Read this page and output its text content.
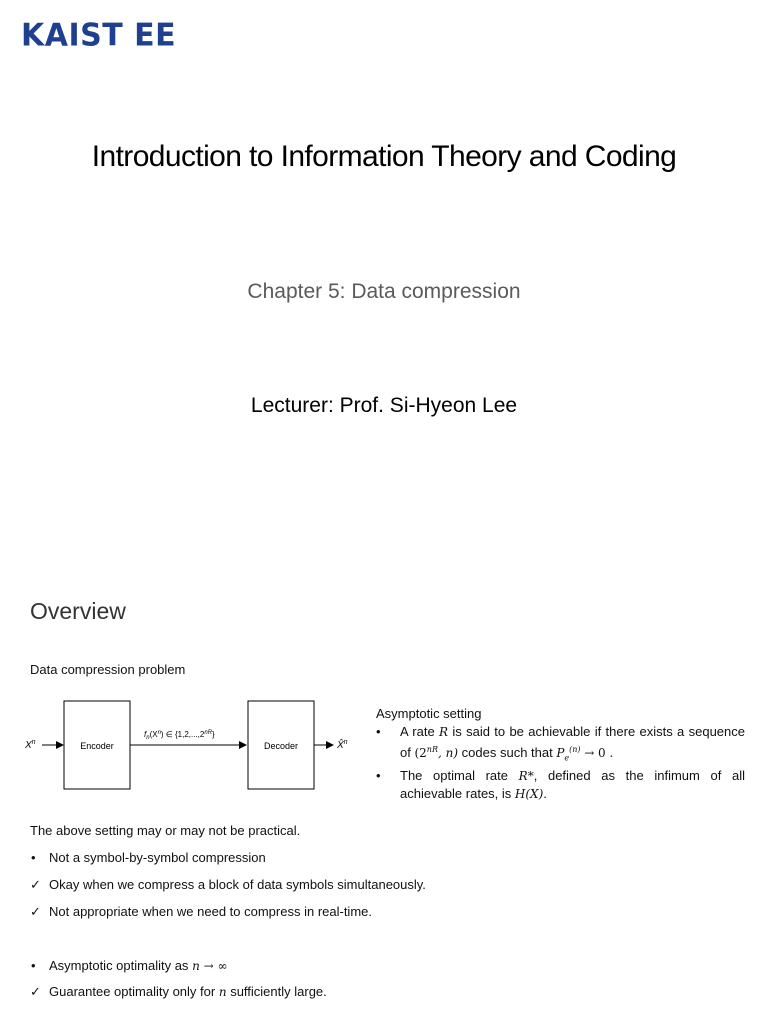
KAIST EE
Introduction to Information Theory and Coding
Chapter 5: Data compression
Lecturer: Prof. Si-Hyeon Lee
Overview
Data compression problem
$X^n$	Encoder
$f_n(X^n)$ ∈ $\{1,2,...,2^{nR}\}$
Decoder	X̂$^n$
Asymptotic setting
• A rate R is said to be achievable if there exists a sequence of ($2^{nR}$, n) codes such that $P_e^{(n)} \to 0$ .
• The optimal rate R*, defined as the infimum of all achievable rates, is H(X).
The above setting may or may not be practical.
• Not a symbol-by-symbol compression
✓ Okay when we compress a block of data symbols simultaneously.
✓ Not appropriate when we need to compress in real-time.
• Asymptotic optimality as n → ∞
✓ Guarantee optimality only for n sufficiently large.
